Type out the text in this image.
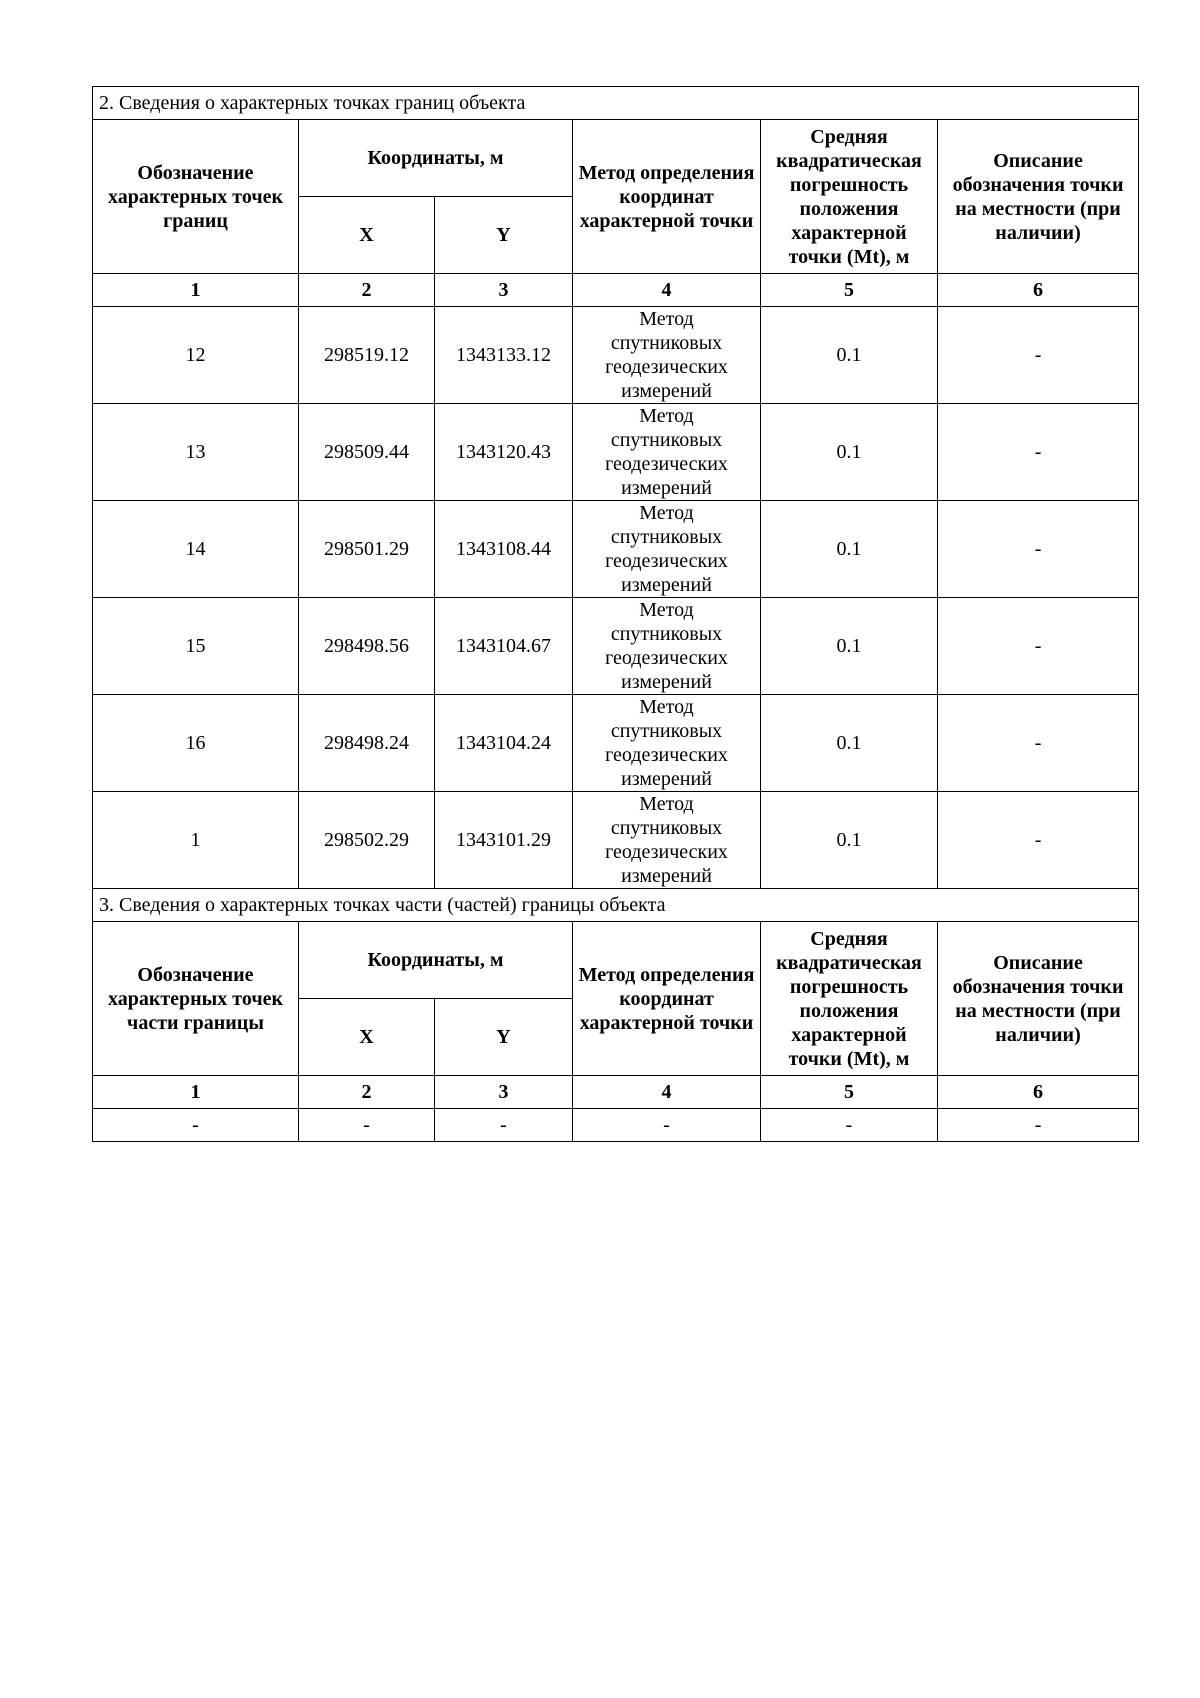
2. Сведения о характерных точках границ объекта					
Обозначение характерных точек границ	Координаты, м		Метод определения координат характерной точки	Средняя квадратическая погрешность положения характерной точки (Mt), м	Описание обозначения точки на местности (при наличии)
	X	Y			
1	2	3	4	5	6
12	298519.12	1343133.12	Метод
спутниковых
геодезических
измерений	0.1	-
13	298509.44	1343120.43	Метод
спутниковых
геодезических
измерений	0.1	-
14	298501.29	1343108.44	Метод
спутниковых
геодезических
измерений	0.1	-
15	298498.56	1343104.67	Метод
спутниковых
геодезических
измерений	0.1	-
16	298498.24	1343104.24	Метод
спутниковых
геодезических
измерений	0.1	-
1	298502.29	1343101.29	Метод
спутниковых
геодезических
измерений	0.1	-
3. Сведения о характерных точках части (частей) границы объекта					
Обозначение характерных точек части границы	Координаты, м		Метод определения координат характерной точки	Средняя квадратическая погрешность положения характерной точки (Mt), м	Описание обозначения точки на местности (при наличии)
	X	Y			
1	2	3	4	5	6
-	-	-	-	-	-
